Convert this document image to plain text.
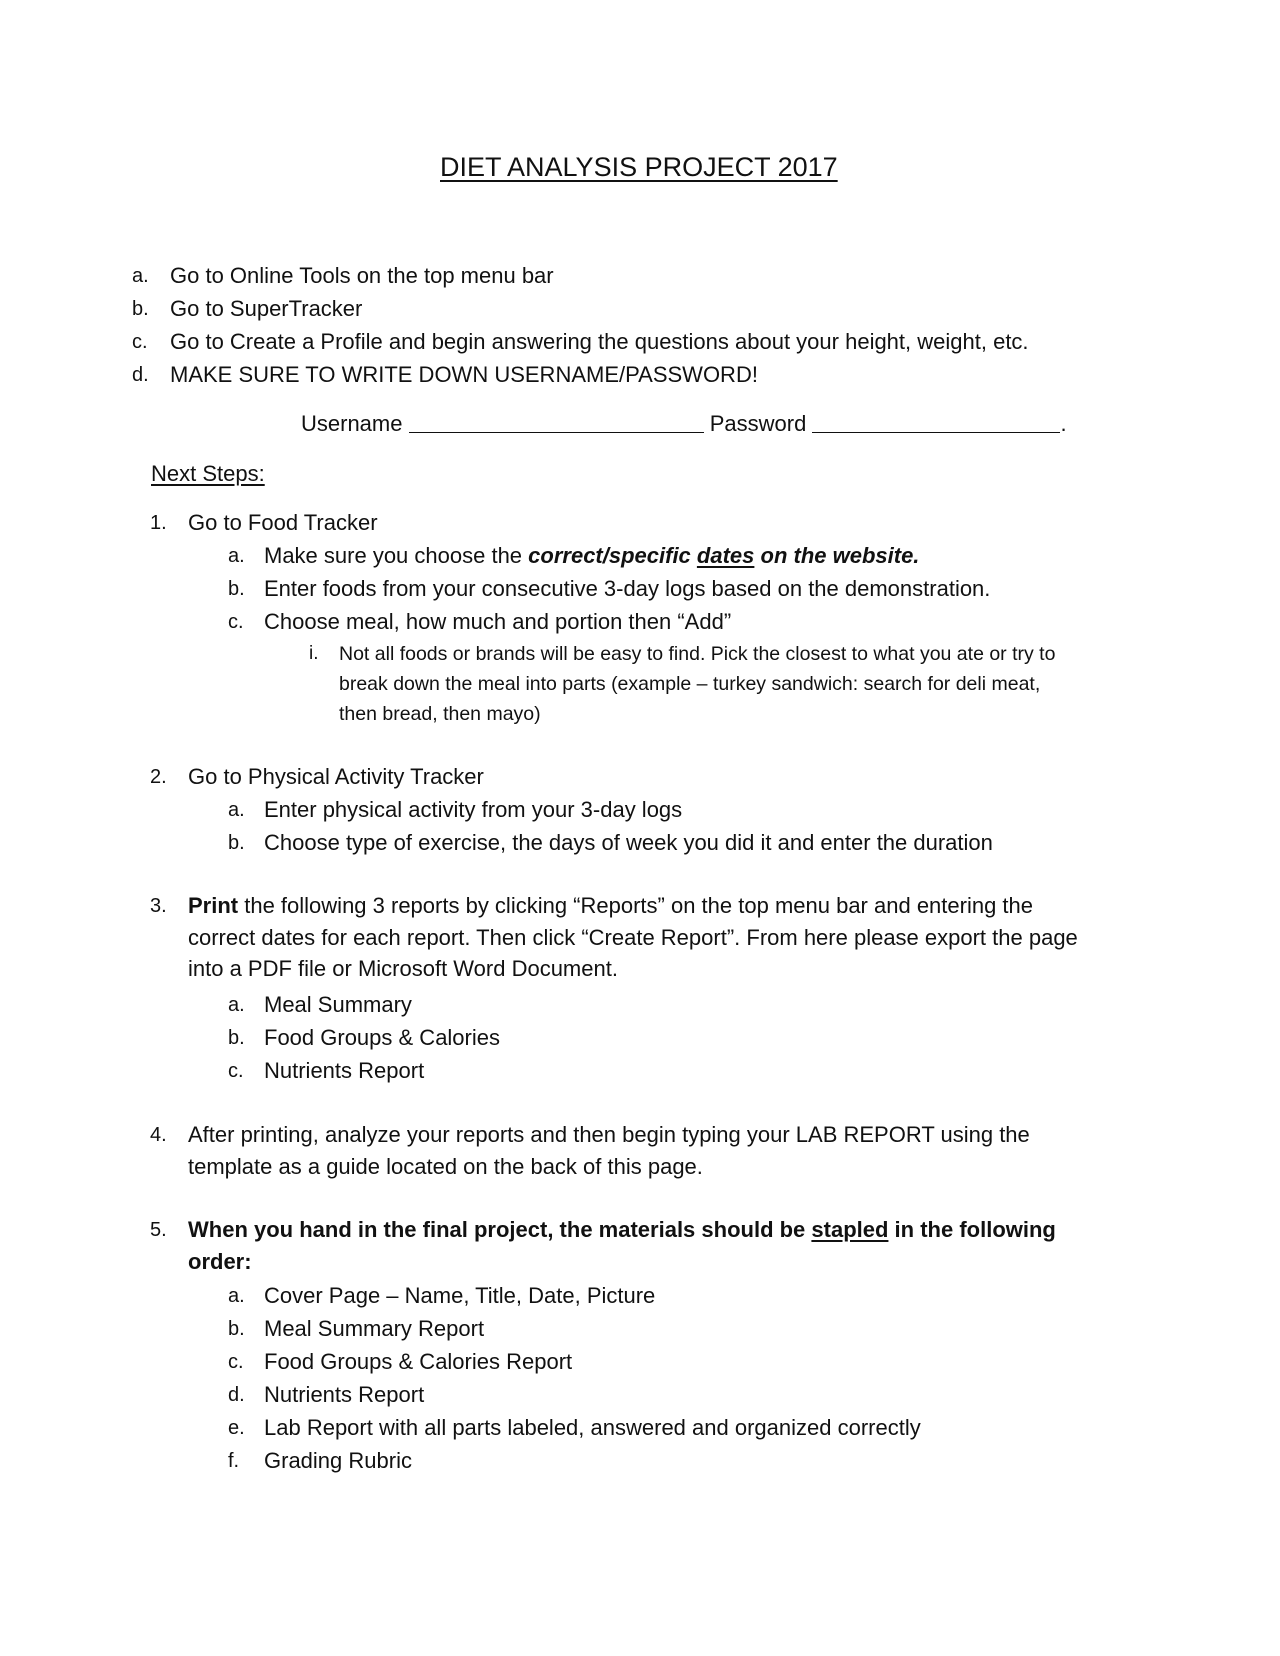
DIET ANALYSIS PROJECT 2017
a. Go to Online Tools on the top menu bar
b. Go to SuperTracker
c. Go to Create a Profile and begin answering the questions about your height, weight, etc.
d. MAKE SURE TO WRITE DOWN USERNAME/PASSWORD!
Username	Password	.
Next Steps:
1. Go to Food Tracker
a. Make sure you choose the correct/specific dates on the website.
b. Enter foods from your consecutive 3-day logs based on the demonstration.
c. Choose meal, how much and portion then “Add”
i. Not all foods or brands will be easy to find. Pick the closest to what you ate or try to
break down the meal into parts (example – turkey sandwich: search for deli meat,
then bread, then mayo)
2. Go to Physical Activity Tracker
a. Enter physical activity from your 3-day logs
b. Choose type of exercise, the days of week you did it and enter the duration
3. Print the following 3 reports by clicking “Reports” on the top menu bar and entering the
correct dates for each report. Then click “Create Report”. From here please export the page
into a PDF file or Microsoft Word Document.
a. Meal Summary
b. Food Groups & Calories
c. Nutrients Report
4. After printing, analyze your reports and then begin typing your LAB REPORT using the
template as a guide located on the back of this page.
5. When you hand in the final project, the materials should be stapled in the following
order:
a. Cover Page – Name, Title, Date, Picture
b. Meal Summary Report
c. Food Groups & Calories Report
d. Nutrients Report
e. Lab Report with all parts labeled, answered and organized correctly
f. Grading Rubric
